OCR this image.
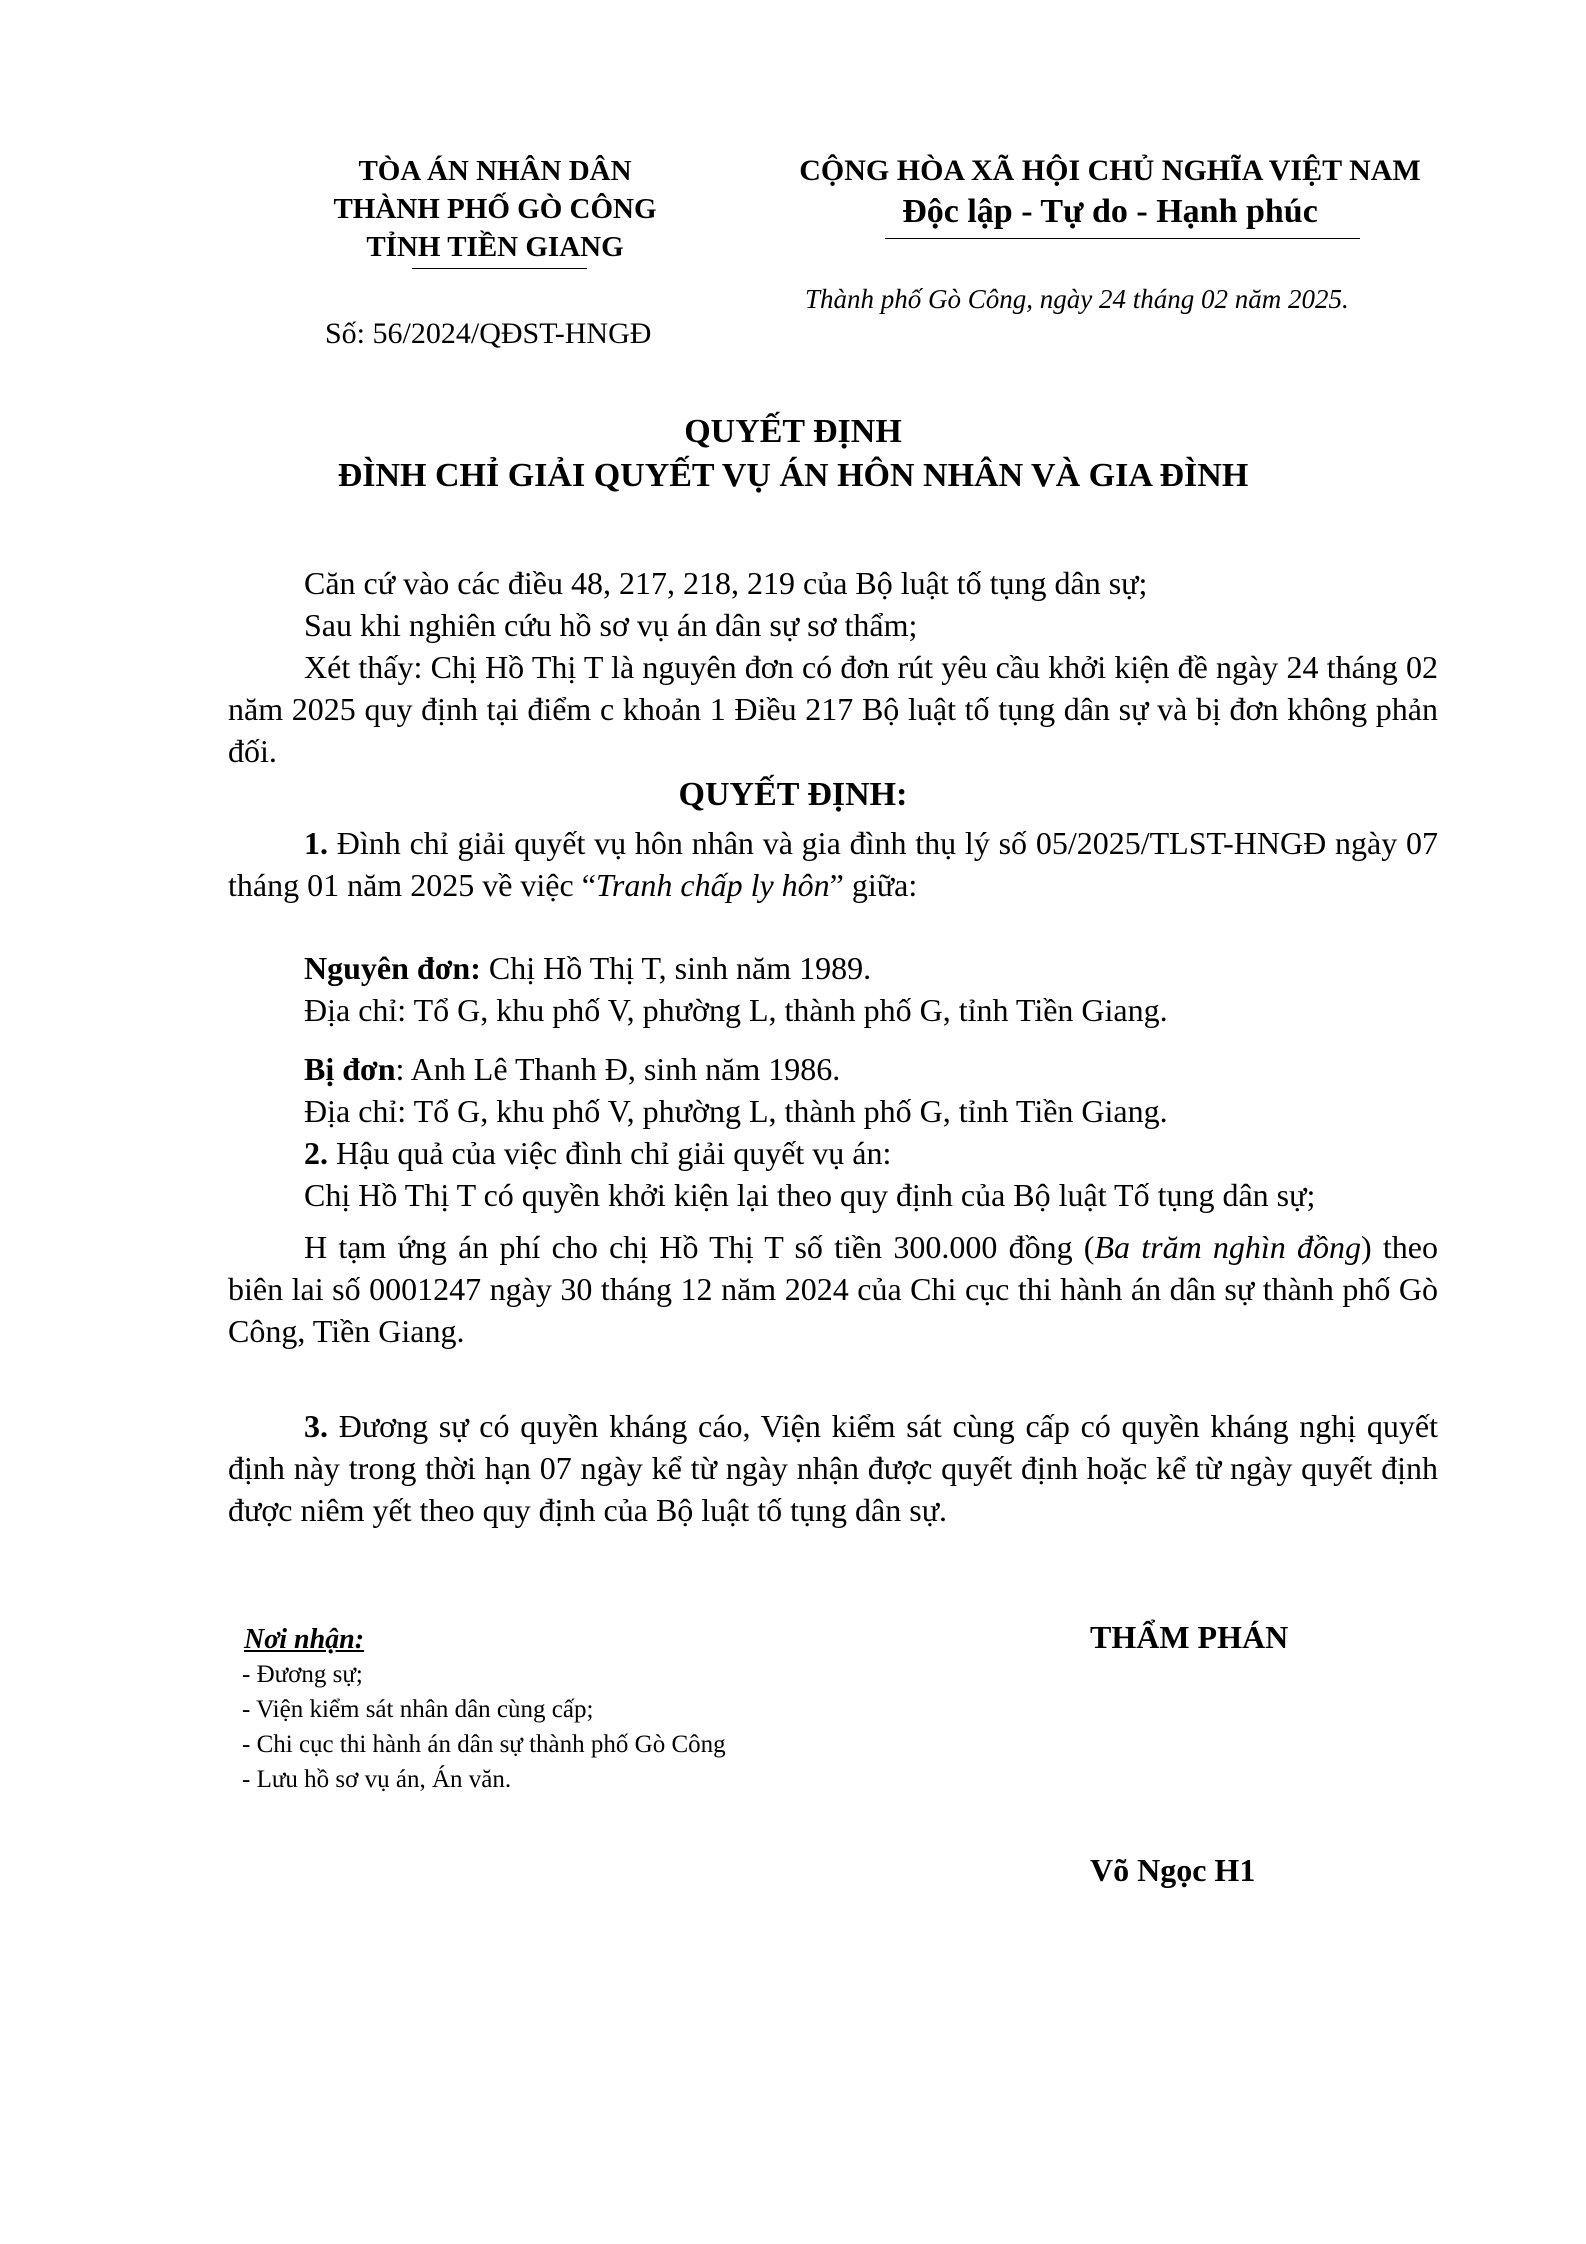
TÒA ÁN NHÂN DÂN
THÀNH PHỐ GÒ CÔNG
TỈNH TIỀN GIANG
CỘNG HÒA XÃ HỘI CHỦ NGHĨA VIỆT NAM
Độc lập - Tự do - Hạnh phúc
Thành phố Gò Công, ngày 24 tháng 02 năm 2025.
Số: 56/2024/QĐST-HNGĐ
QUYẾT ĐỊNH
ĐÌNH CHỈ GIẢI QUYẾT VỤ ÁN HÔN NHÂN VÀ GIA ĐÌNH

Căn cứ vào các điều 48, 217, 218, 219 của Bộ luật tố tụng dân sự;

Sau khi nghiên cứu hồ sơ vụ án dân sự sơ thẩm;

Xét thấy: Chị Hồ Thị T là nguyên đơn có đơn rút yêu cầu khởi kiện đề ngày 24 tháng 02 năm 2025 quy định tại điểm c khoản 1 Điều 217 Bộ luật tố tụng dân sự và bị đơn không phản đối.

QUYẾT ĐỊNH:

1. Đình chỉ giải quyết vụ hôn nhân và gia đình thụ lý số 05/2025/TLST-HNGĐ ngày 07 tháng 01 năm 2025 về việc “Tranh chấp ly hôn” giữa:

Nguyên đơn: Chị Hồ Thị T, sinh năm 1989.

Địa chỉ: Tổ G, khu phố V, phường L, thành phố G, tỉnh Tiền Giang.

Bị đơn: Anh Lê Thanh Đ, sinh năm 1986.

Địa chỉ: Tổ G, khu phố V, phường L, thành phố G, tỉnh Tiền Giang.

2. Hậu quả của việc đình chỉ giải quyết vụ án:

Chị Hồ Thị T có quyền khởi kiện lại theo quy định của Bộ luật Tố tụng dân sự;

H tạm ứng án phí cho chị Hồ Thị T số tiền 300.000 đồng (Ba trăm nghìn đồng) theo biên lai số 0001247 ngày 30 tháng 12 năm 2024 của Chi cục thi hành án dân sự thành phố Gò Công, Tiền Giang.

3. Đương sự có quyền kháng cáo, Viện kiểm sát cùng cấp có quyền kháng nghị quyết định này trong thời hạn 07 ngày kể từ ngày nhận được quyết định hoặc kể từ ngày quyết định được niêm yết theo quy định của Bộ luật tố tụng dân sự.

Nơi nhận:
- Đương sự;
- Viện kiểm sát nhân dân cùng cấp;
- Chi cục thi hành án dân sự thành phố Gò Công
- Lưu hồ sơ vụ án, Án văn.
THẨM PHÁN
Võ Ngọc H1
